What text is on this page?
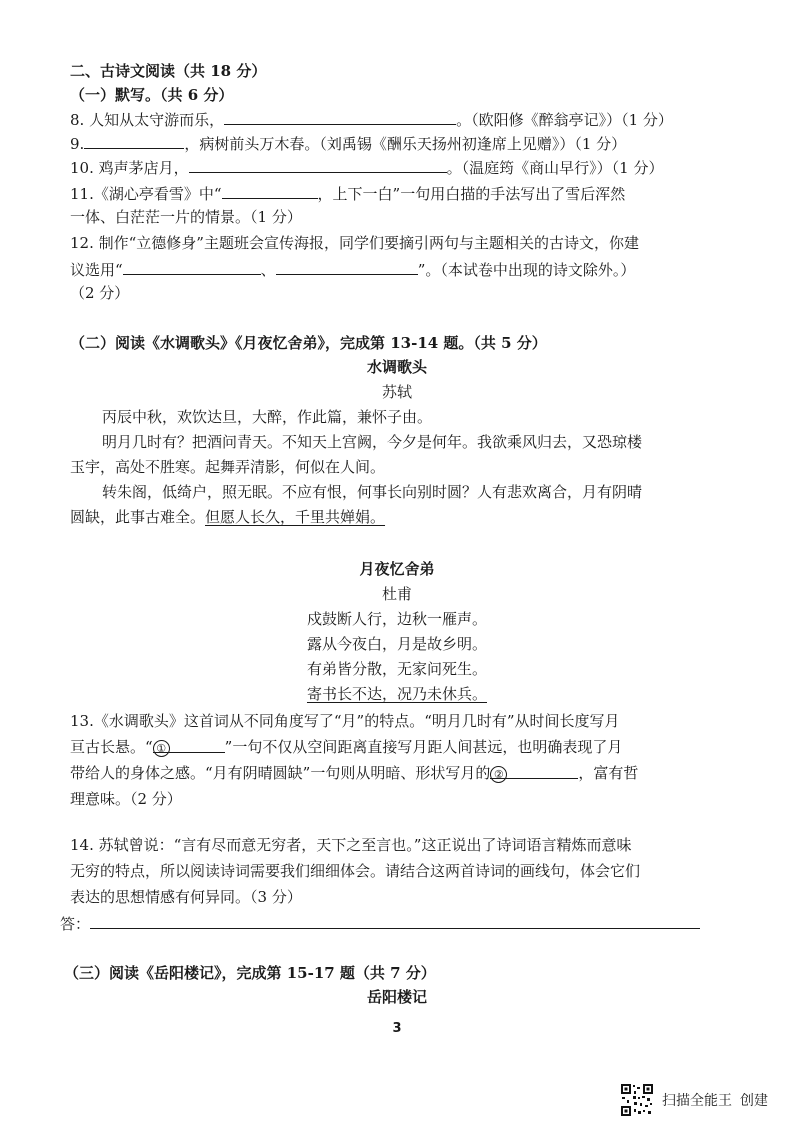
二、古诗文阅读（共 18 分）
（一）默写。（共 6 分）
8. 人知从太守游而乐，	。（欧阳修《醉翁亭记》）（1 分）
9.	，病树前头万木春。（刘禹锡《酬乐天扬州初逢席上见赠》）（1 分）
10. 鸡声茅店月，	。（温庭筠《商山早行》）（1 分）
11.《湖心亭看雪》中“	，上下一白”一句用白描的手法写出了雪后浑然
一体、白茫茫一片的情景。（1 分）
12. 制作“立德修身”主题班会宣传海报，同学们要摘引两句与主题相关的古诗文，你建
议选用“	、	”。（本试卷中出现的诗文除外。）
（2 分）
（二）阅读《水调歌头》《月夜忆舍弟》，完成第 13-14 题。（共 5 分）
水调歌头
苏轼
丙辰中秋，欢饮达旦，大醉，作此篇，兼怀子由。
明月几时有？把酒问青天。不知天上宫阙，今夕是何年。我欲乘风归去，又恐琼楼
玉宇，高处不胜寒。起舞弄清影，何似在人间。
转朱阁，低绮户，照无眠。不应有恨，何事长向别时圆？人有悲欢离合，月有阴晴
圆缺，此事古难全。但愿人长久，千里共婵娟。
月夜忆舍弟
杜甫
戍鼓断人行，边秋一雁声。
露从今夜白，月是故乡明。
有弟皆分散，无家问死生。
寄书长不达，况乃未休兵。
13.《水调歌头》这首词从不同角度写了“月”的特点。“明月几时有”从时间长度写月
亘古长悬。“ ①	”一句不仅从空间距离直接写月距人间甚远，也明确表现了月
带给人的身体之感。“月有阴晴圆缺”一句则从明暗、形状写月的 ②	，富有哲
理意味。（2 分）
14. 苏轼曾说：“言有尽而意无穷者，天下之至言也。”这正说出了诗词语言精炼而意味
无穷的特点，所以阅读诗词需要我们细细体会。请结合这两首诗词的画线句，体会它们
表达的思想情感有何异同。（3 分）
答：
（三）阅读《岳阳楼记》，完成第 15-17 题（共 7 分）
岳阳楼记
3
扫描全能王 创建
